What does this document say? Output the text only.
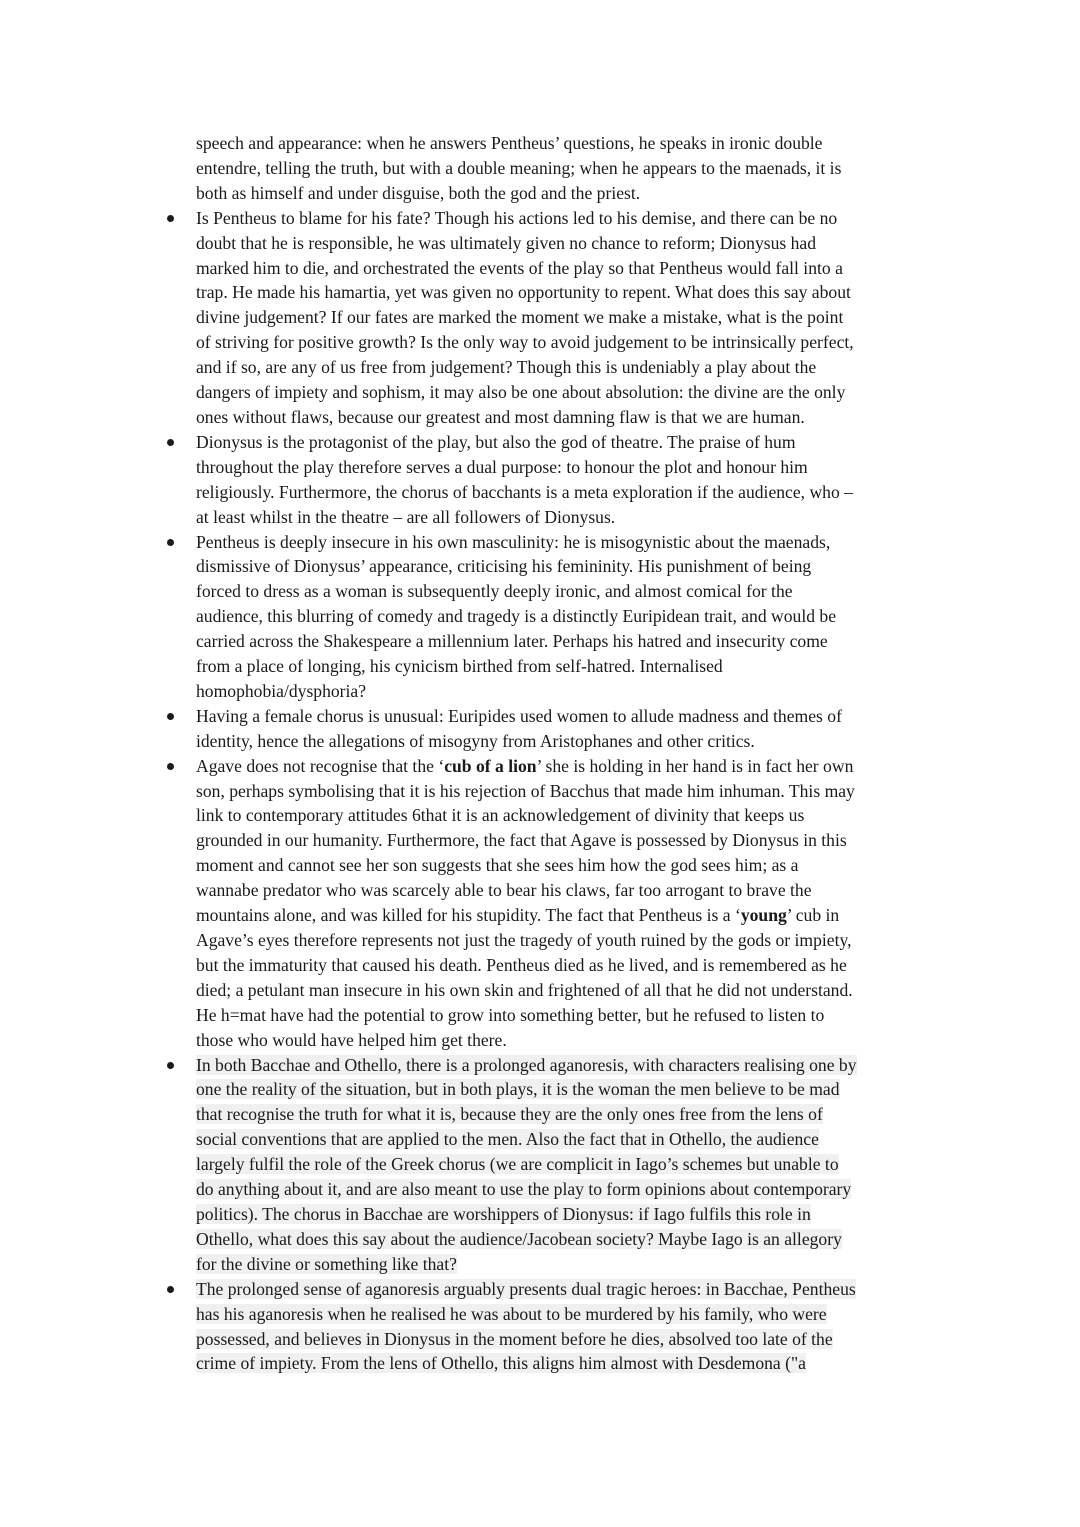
speech and appearance: when he answers Pentheus’ questions, he speaks in ironic double
entendre, telling the truth, but with a double meaning; when he appears to the maenads, it is
both as himself and under disguise, both the god and the priest.
Is Pentheus to blame for his fate? Though his actions led to his demise, and there can be no
doubt that he is responsible, he was ultimately given no chance to reform; Dionysus had
marked him to die, and orchestrated the events of the play so that Pentheus would fall into a
trap. He made his hamartia, yet was given no opportunity to repent. What does this say about
divine judgement? If our fates are marked the moment we make a mistake, what is the point
of striving for positive growth? Is the only way to avoid judgement to be intrinsically perfect,
and if so, are any of us free from judgement? Though this is undeniably a play about the
dangers of impiety and sophism, it may also be one about absolution: the divine are the only
ones without flaws, because our greatest and most damning flaw is that we are human.
Dionysus is the protagonist of the play, but also the god of theatre. The praise of hum
throughout the play therefore serves a dual purpose: to honour the plot and honour him
religiously. Furthermore, the chorus of bacchants is a meta exploration if the audience, who –
at least whilst in the theatre – are all followers of Dionysus.
Pentheus is deeply insecure in his own masculinity: he is misogynistic about the maenads,
dismissive of Dionysus’ appearance, criticising his femininity. His punishment of being
forced to dress as a woman is subsequently deeply ironic, and almost comical for the
audience, this blurring of comedy and tragedy is a distinctly Euripidean trait, and would be
carried across the Shakespeare a millennium later. Perhaps his hatred and insecurity come
from a place of longing, his cynicism birthed from self-hatred. Internalised
homophobia/dysphoria?
Having a female chorus is unusual: Euripides used women to allude madness and themes of
identity, hence the allegations of misogyny from Aristophanes and other critics.
Agave does not recognise that the ‘cub of a lion’ she is holding in her hand is in fact her own
son, perhaps symbolising that it is his rejection of Bacchus that made him inhuman. This may
link to contemporary attitudes 6that it is an acknowledgement of divinity that keeps us
grounded in our humanity. Furthermore, the fact that Agave is possessed by Dionysus in this
moment and cannot see her son suggests that she sees him how the god sees him; as a
wannabe predator who was scarcely able to bear his claws, far too arrogant to brave the
mountains alone, and was killed for his stupidity. The fact that Pentheus is a ‘young’ cub in
Agave’s eyes therefore represents not just the tragedy of youth ruined by the gods or impiety,
but the immaturity that caused his death. Pentheus died as he lived, and is remembered as he
died; a petulant man insecure in his own skin and frightened of all that he did not understand.
He h=mat have had the potential to grow into something better, but he refused to listen to
those who would have helped him get there.
In both Bacchae and Othello, there is a prolonged aganoresis, with characters realising one by
one the reality of the situation, but in both plays, it is the woman the men believe to be mad
that recognise the truth for what it is, because they are the only ones free from the lens of
social conventions that are applied to the men. Also the fact that in Othello, the audience
largely fulfil the role of the Greek chorus (we are complicit in Iago’s schemes but unable to
do anything about it, and are also meant to use the play to form opinions about contemporary
politics). The chorus in Bacchae are worshippers of Dionysus: if Iago fulfils this role in
Othello, what does this say about the audience/Jacobean society? Maybe Iago is an allegory
for the divine or something like that?
The prolonged sense of aganoresis arguably presents dual tragic heroes: in Bacchae, Pentheus
has his aganoresis when he realised he was about to be murdered by his family, who were
possessed, and believes in Dionysus in the moment before he dies, absolved too late of the
crime of impiety. From the lens of Othello, this aligns him almost with Desdemona ("a
